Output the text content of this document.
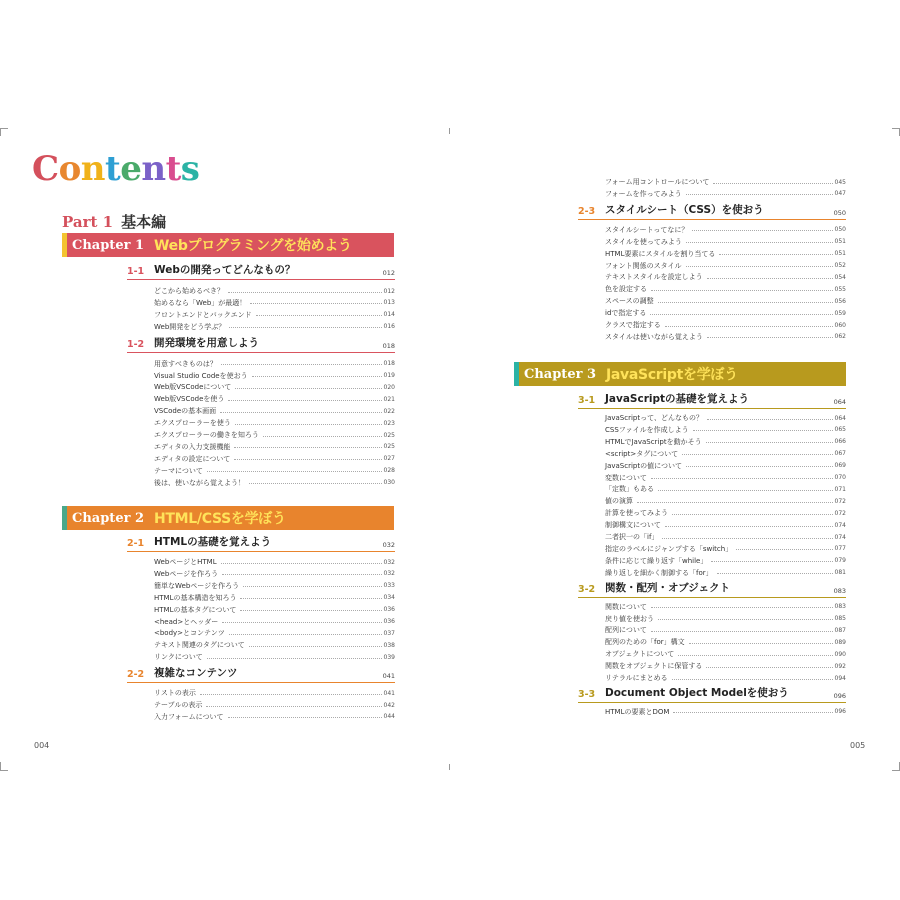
Contents
Part 1 基本編
Chapter 1 Webプログラミングを始めよう
1-1 Webの開発ってどんなもの？	012
どこから始めるべき？	012
始めるなら「Web」が最適！	013
フロントエンドとバックエンド	014
Web開発をどう学ぶ？	016
1-2 開発環境を用意しよう	018
用意すべきものは？	018
Visual Studio Codeを使おう	019
Web版VSCodeについて	020
Web版VSCodeを使う	021
VSCodeの基本画面	022
エクスプローラーを使う	023
エクスプローラーの働きを知ろう	025
エディタの入力支援機能	025
エディタの設定について	027
テーマについて	028
後は、使いながら覚えよう！	030
Chapter 2 HTML/CSSを学ぼう
2-1 HTMLの基礎を覚えよう	032
WebページとHTML	032
Webページを作ろう	032
簡単なWebページを作ろう	033
HTMLの基本構造を知ろう	034
HTMLの基本タグについて	036
<head>とヘッダー	036
<body>とコンテンツ	037
テキスト関連のタグについて	038
リンクについて	039
2-2 複雑なコンテンツ	041
リストの表示	041
テーブルの表示	042
入力フォームについて	044
フォーム用コントロールについて	045
フォームを作ってみよう	047
2-3 スタイルシート（CSS）を使おう	050
スタイルシートってなに？	050
スタイルを使ってみよう	051
HTML要素にスタイルを割り当てる	051
フォント関係のスタイル	052
テキストスタイルを設定しよう	054
色を設定する	055
スペースの調整	056
idで指定する	059
クラスで指定する	060
スタイルは使いながら覚えよう	062
Chapter 3 JavaScriptを学ぼう
3-1 JavaScriptの基礎を覚えよう	064
JavaScriptって、どんなもの？	064
CSSファイルを作成しよう	065
HTMLでJavaScriptを動かそう	066
<script>タグについて	067
JavaScriptの値について	069
変数について	070
「定数」もある	071
値の演算	072
計算を使ってみよう	072
制御構文について	074
二者択一の「if」	074
指定のラベルにジャンプする「switch」	077
条件に応じて繰り返す「while」	079
繰り返しを細かく制御する「for」	081
3-2 関数・配列・オブジェクト	083
関数について	083
戻り値を使おう	085
配列について	087
配列のための「for」構文	089
オブジェクトについて	090
関数をオブジェクトに保管する	092
リテラルにまとめる	094
3-3 Document Object Modelを使おう	096
HTMLの要素とDOM	096
004	005
